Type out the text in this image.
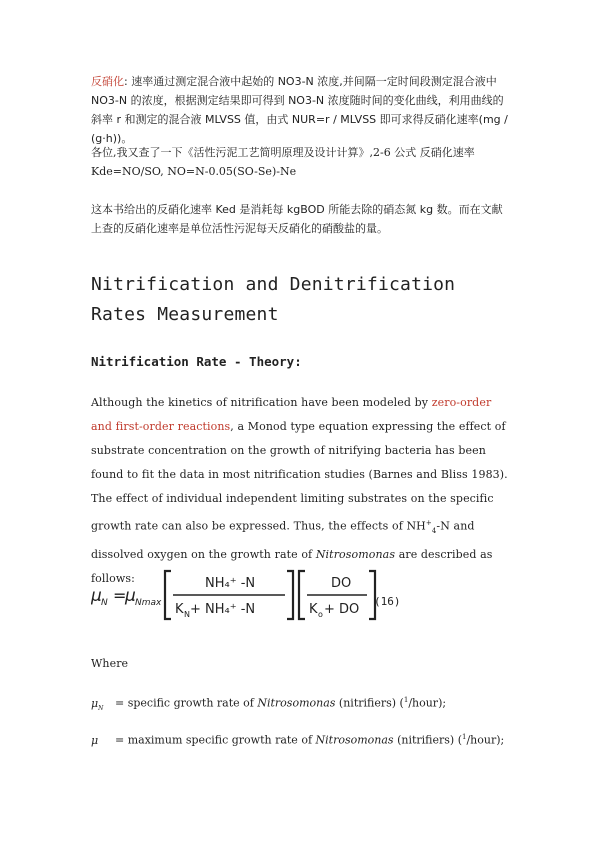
反硝化: 速率通过测定混合液中起始的 NO3-N 浓度,并间隔一定时间段测定混合液中 NO3-N 的浓度，根据测定结果即可得到 NO3-N 浓度随时间的变化曲线，利用曲线的斜率 r 和测定的混合液 MLVSS 值，由式 NUR=r / MLVSS 即可求得反硝化速率(mg / (g·h))。

各位,我又查了一下《活性污泥工艺简明原理及设计计算》,2-6 公式 反硝化速率 Kde=NO/SO, NO=N-0.05(SO-Se)-Ne

这本书给出的反硝化速率 Ked 是消耗每 kgBOD 所能去除的硝态氮 kg 数。而在文献上查的反硝化速率是单位活性污泥每天反硝化的硝酸盐的量。

Nitrification and Denitrification Rates Measurement
Nitrification Rate - Theory:

Although the kinetics of nitrification have been modeled by zero-order and first-order reactions, a Monod type equation expressing the effect of substrate concentration on the growth of nitrifying bacteria has been found to fit the data in most nitrification studies (Barnes and Bliss 1983). The effect of individual independent limiting substrates on the specific growth rate can also be expressed. Thus, the effects of $NH^+_4-N$ and dissolved oxygen on the growth rate of Nitrosomonas are described as follows:

μ N =
μ Nmax
NH₄⁺ -N
K N + NH₄⁺ -N
DO
K o + DO
(16)

Where

$\mu_N$ = specific growth rate of Nitrosomonas (nitrifiers) ($^1$/hour);
μ = maximum specific growth rate of Nitrosomonas (nitrifiers) ($^1$/hour);
